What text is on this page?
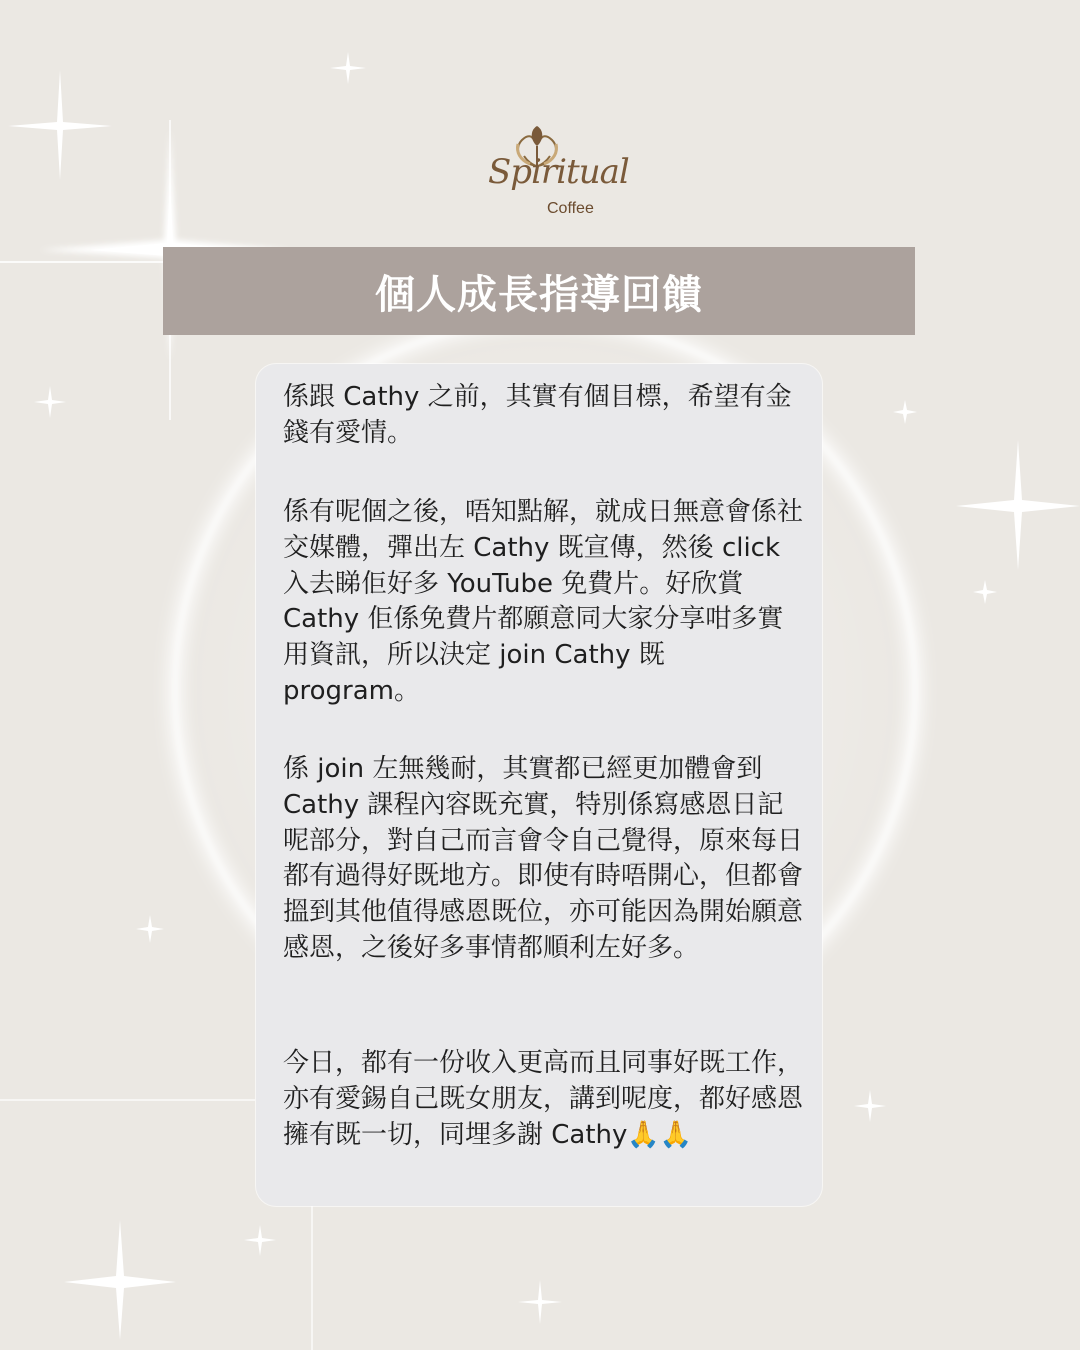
Spiritual
Coffee
個人成長指導回饋

係跟 Cathy 之前，其實有個目標，希望有金錢有愛情。

係有呢個之後，唔知點解，就成日無意會係社交媒體，彈出左 Cathy 既宣傳，然後 click 入去睇佢好多 YouTube 免費片。好欣賞 Cathy 佢係免費片都願意同大家分享咁多實用資訊，所以決定 join Cathy 既 program。

係 join 左無幾耐，其實都已經更加體會到 Cathy 課程內容既充實，特別係寫感恩日記呢部分，對自己而言會令自己覺得，原來每日都有過得好既地方。即使有時唔開心，但都會搵到其他值得感恩既位，亦可能因為開始願意感恩，之後好多事情都順利左好多。

今日，都有一份收入更高而且同事好既工作，亦有愛錫自己既女朋友，講到呢度，都好感恩擁有既一切，同埋多謝 Cathy🙏🙏
